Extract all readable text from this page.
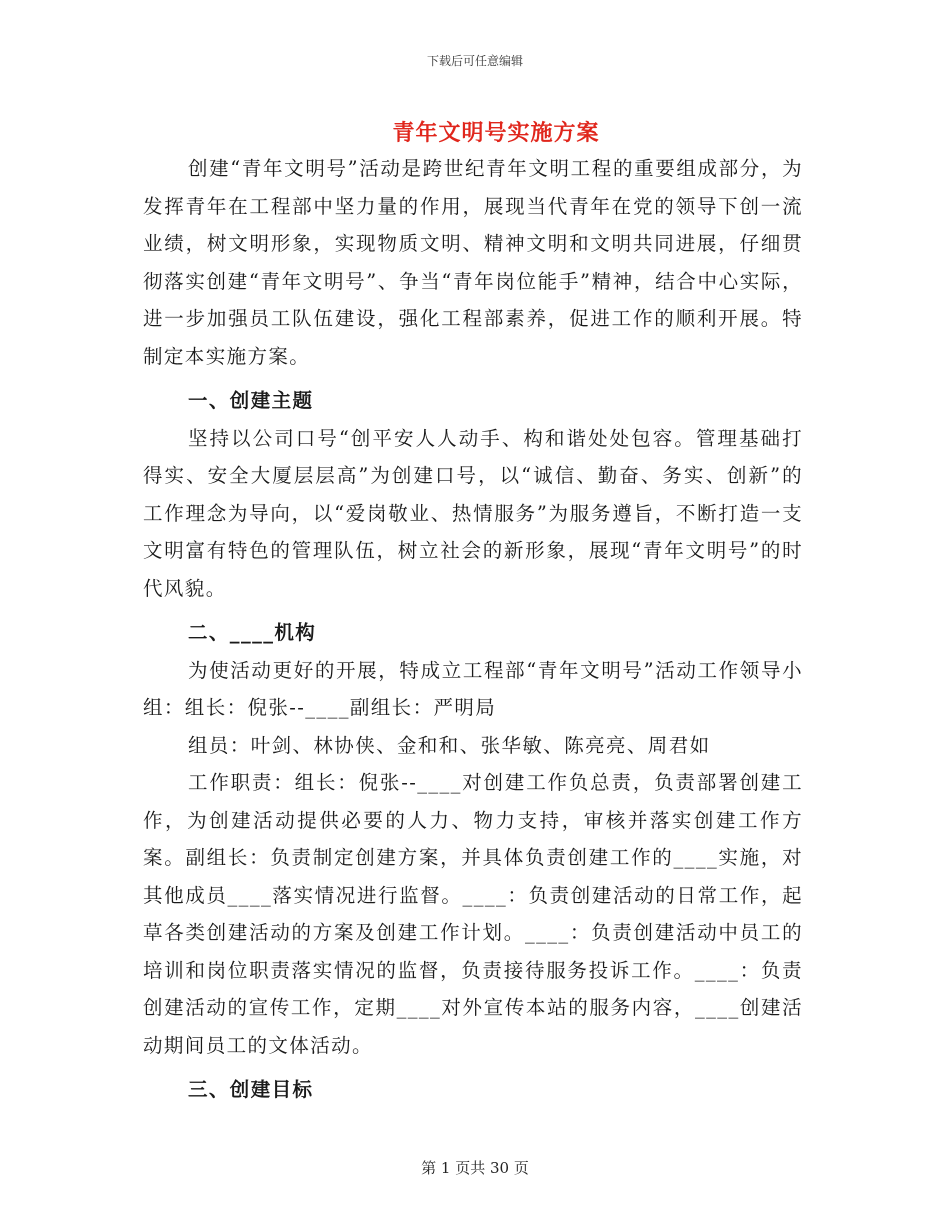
下载后可任意编辑
青年文明号实施方案

创建“青年文明号”活动是跨世纪青年文明工程的重要组成部分，为发挥青年在工程部中坚力量的作用，展现当代青年在党的领导下创一流业绩，树文明形象，实现物质文明、精神文明和文明共同进展，仔细贯彻落实创建“青年文明号”、争当“青年岗位能手”精神，结合中心实际，进一步加强员工队伍建设，强化工程部素养，促进工作的顺利开展。特制定本实施方案。

一、创建主题

坚持以公司口号“创平安人人动手、构和谐处处包容。管理基础打得实、安全大厦层层高”为创建口号，以“诚信、勤奋、务实、创新”的工作理念为导向，以“爱岗敬业、热情服务”为服务遵旨，不断打造一支文明富有特色的管理队伍，树立社会的新形象，展现“青年文明号”的时代风貌。

二、____机构

为使活动更好的开展，特成立工程部“青年文明号”活动工作领导小组：组长：倪张--____副组长：严明局

组员：叶剑、林协侠、金和和、张华敏、陈亮亮、周君如

工作职责：组长：倪张--____对创建工作负总责，负责部署创建工作，为创建活动提供必要的人力、物力支持，审核并落实创建工作方案。副组长：负责制定创建方案，并具体负责创建工作的____实施，对其他成员____落实情况进行监督。____：负责创建活动的日常工作，起草各类创建活动的方案及创建工作计划。____：负责创建活动中员工的培训和岗位职责落实情况的监督，负责接待服务投诉工作。____：负责创建活动的宣传工作，定期____对外宣传本站的服务内容，____创建活动期间员工的文体活动。

三、创建目标

第 1 页共 30 页
